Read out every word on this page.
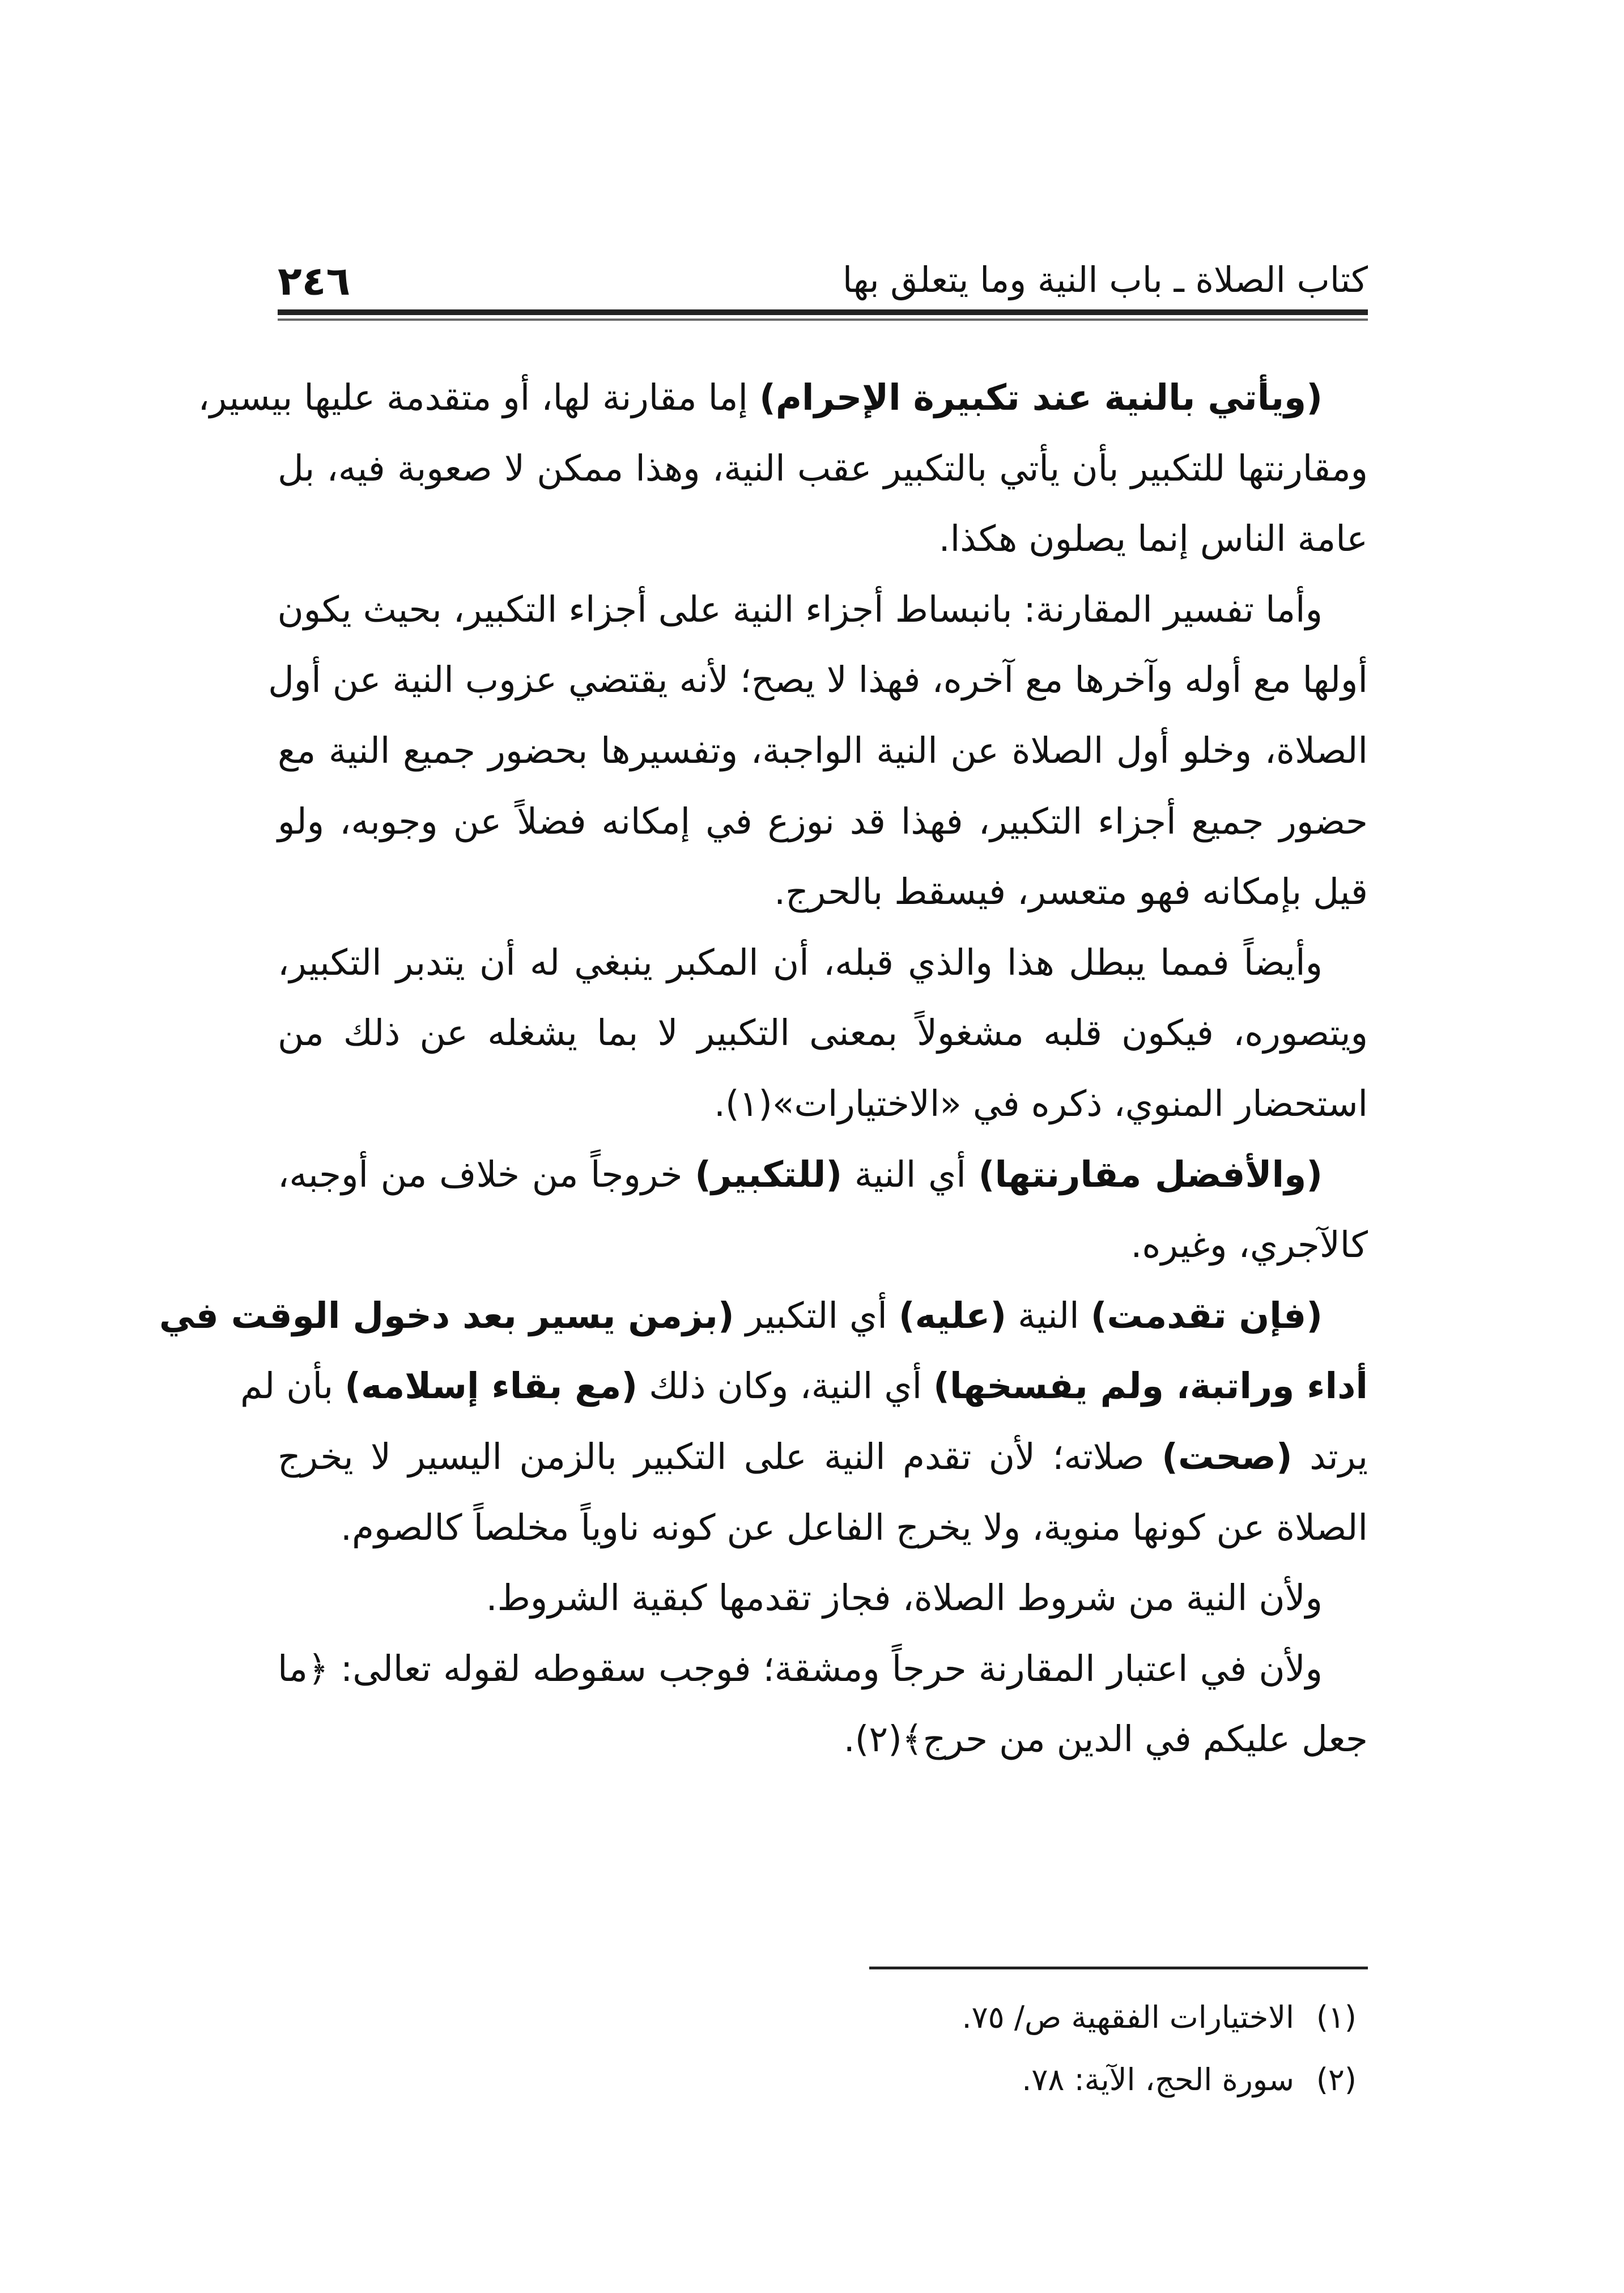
كتاب الصلاة ـ باب النية وما يتعلق بها
٢٤٦
(ويأتي بالنية عند تكبيرة الإحرام) إما مقارنة لها، أو متقدمة عليها بيسير،
ومقارنتها للتكبير بأن يأتي بالتكبير عقب النية، وهذا ممكن لا صعوبة فيه، بل
عامة الناس إنما يصلون هكذا.
وأما تفسير المقارنة: بانبساط أجزاء النية على أجزاء التكبير، بحيث يكون
أولها مع أوله وآخرها مع آخره، فهذا لا يصح؛ لأنه يقتضي عزوب النية عن أول
الصلاة، وخلو أول الصلاة عن النية الواجبة، وتفسيرها بحضور جميع النية مع
حضور جميع أجزاء التكبير، فهذا قد نوزع في إمكانه فضلاً عن وجوبه، ولو
قيل بإمكانه فهو متعسر، فيسقط بالحرج.
وأيضاً فمما يبطل هذا والذي قبله، أن المكبر ينبغي له أن يتدبر التكبير،
ويتصوره، فيكون قلبه مشغولاً بمعنى التكبير لا بما يشغله عن ذلك من
استحضار المنوي، ذكره في «الاختيارات»(١).
(والأفضل مقارنتها) أي النية (للتكبير) خروجاً من خلاف من أوجبه،
كالآجري، وغيره.
(فإن تقدمت) النية (عليه) أي التكبير (بزمن يسير بعد دخول الوقت في
أداء وراتبة، ولم يفسخها) أي النية، وكان ذلك (مع بقاء إسلامه) بأن لم
يرتد (صحت) صلاته؛ لأن تقدم النية على التكبير بالزمن اليسير لا يخرج
الصلاة عن كونها منوية، ولا يخرج الفاعل عن كونه ناوياً مخلصاً كالصوم.
ولأن النية من شروط الصلاة، فجاز تقدمها كبقية الشروط.
ولأن في اعتبار المقارنة حرجاً ومشقة؛ فوجب سقوطه لقوله تعالى: ﴿ما
جعل عليكم في الدين من حرج﴾(٢).
(١)الاختيارات الفقهية ص/ ٧٥.
(٢)سورة الحج، الآية: ٧٨.
